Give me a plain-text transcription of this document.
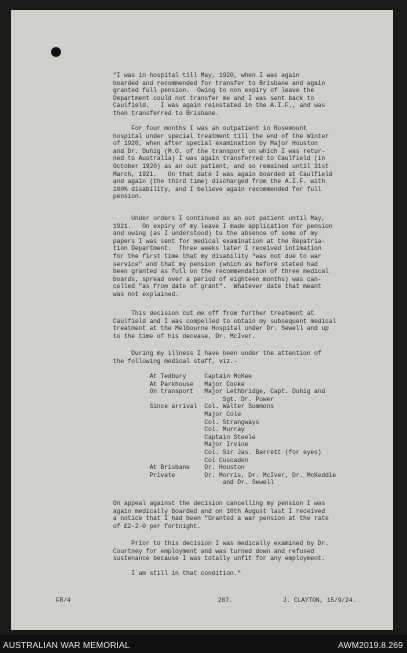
"I was in hospital till May, 1920, when I was again
boarded and recommended for transfer to Brisbane and again
granted full pension.  Owing to non expiry of leave the
Department could not transfer me and I was sent back to
Caulfield.   I was again reinstated in the A.I.F., and was
then transferred to Brisbane.
For four months I was an outpatient in Rosemount
hospital under special treatment till the end of the Winter
of 1920, when after special examination by Major Houston
and Dr. Duhig (M.O. of the transport on which I was retur-
ned to Australia) I was again transferred to Caulfield (in
October 1920) as an out patient, and so remained until 31st
March, 1921.   On that date I was again boarded at Caulfield
and again (the third time) discharged from the A.I.F. with
100% disability, and I believe again recommended for full
pension.
Under orders I continued as an out patient until May,
1921.   On expiry of my leave I made application for pension
and owing (as I understood) to the absence of some of my
papers I was sent for medical examination at the Repatria-
tion Department.  Three weeks later I received intimation
for the first time that my disability "was not due to war
service" and that my pension (which as before stated had
been granted as full on the recommendation of three medical
boards, spread over a period of eighteen months) was can-
celled "as from date of grant".  Whatever date that meant
was not explained.
This decision cut me off from further treatment at
Caulfield and I was compelled to obtain my subsequent medical
treatment at the Melbourne Hospital under Dr. Sewell and up
to the time of his decease, Dr. McIver.
During my illness I have been under the attention of
the following medical staff, viz.-
At Tedbury     Captain McKee
At Parkhouse   Major Cooke
On transport   Major Lethbridge, Capt. Duhig and
Sgt. Dr. Power
Since arrival  Col. Walter Summons
Major Cole
Col. Strangways
Col. Murray
Captain Steele
Major Irvine
Col. Sir Jas. Barrett (for eyes)
Col Cuscaden
At Brisbane    Dr. Houston
Private        Dr. Morris, Dr. McIver, Dr. McKeddie
and Dr. Sewell
On appeal against the decision cancelling my pension I was
again medically boarded and on 10th August last I received
a notice that I had been "Granted a war pension at the rate
of £2-2-0 per fortnight.
Prior to this decision I was medically examined by Dr.
Courtney for employment and was turned down and refused
sustenance because I was totally unfit for any employment.
I am still in that condition."
FR/4	287.	J. CLAYTON, 15/9/24.
AUSTRALIAN WAR MEMORIAL	AWM2019.8.269
